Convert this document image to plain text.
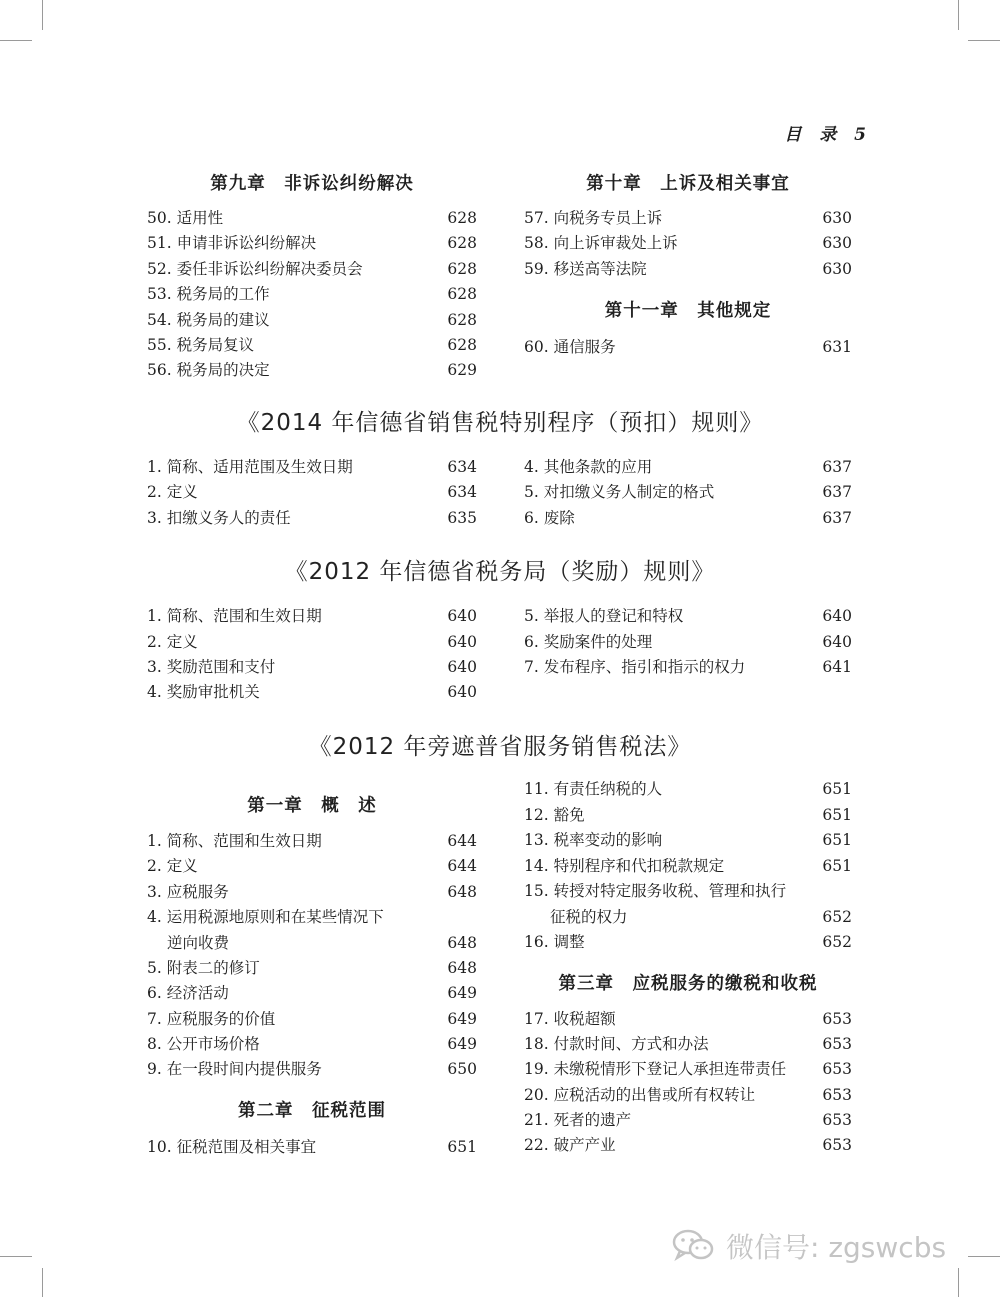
目 录 5
第九章　非诉讼纠纷解决
50. 适用性	628
51. 申请非诉讼纠纷解决	628
52. 委任非诉讼纠纷解决委员会	628
53. 税务局的工作	628
54. 税务局的建议	628
55. 税务局复议	628
56. 税务局的决定	629
第十章　上诉及相关事宜
57. 向税务专员上诉	630
58. 向上诉审裁处上诉	630
59. 移送高等法院	630
第十一章　其他规定
60. 通信服务	631
《2014 年信德省销售税特别程序（预扣）规则》
1. 简称、适用范围及生效日期	634
2. 定义	634
3. 扣缴义务人的责任	635
4. 其他条款的应用	637
5. 对扣缴义务人制定的格式	637
6. 废除	637
《2012 年信德省税务局（奖励）规则》
1. 简称、范围和生效日期	640
2. 定义	640
3. 奖励范围和支付	640
4. 奖励审批机关	640
5. 举报人的登记和特权	640
6. 奖励案件的处理	640
7. 发布程序、指引和指示的权力	641
《2012 年旁遮普省服务销售税法》
第一章　概　述
1. 简称、范围和生效日期	644
2. 定义	644
3. 应税服务	648
4. 运用税源地原则和在某些情况下
逆向收费	648
5. 附表二的修订	648
6. 经济活动	649
7. 应税服务的价值	649
8. 公开市场价格	649
9. 在一段时间内提供服务	650
第二章　征税范围
10. 征税范围及相关事宜	651
11. 有责任纳税的人	651
12. 豁免	651
13. 税率变动的影响	651
14. 特别程序和代扣税款规定	651
15. 转授对特定服务收税、管理和执行
征税的权力	652
16. 调整	652
第三章　应税服务的缴税和收税
17. 收税超额	653
18. 付款时间、方式和办法	653
19. 未缴税情形下登记人承担连带责任 653
20. 应税活动的出售或所有权转让	653
21. 死者的遗产	653
22. 破产产业	653
微信号: zgswcbs
